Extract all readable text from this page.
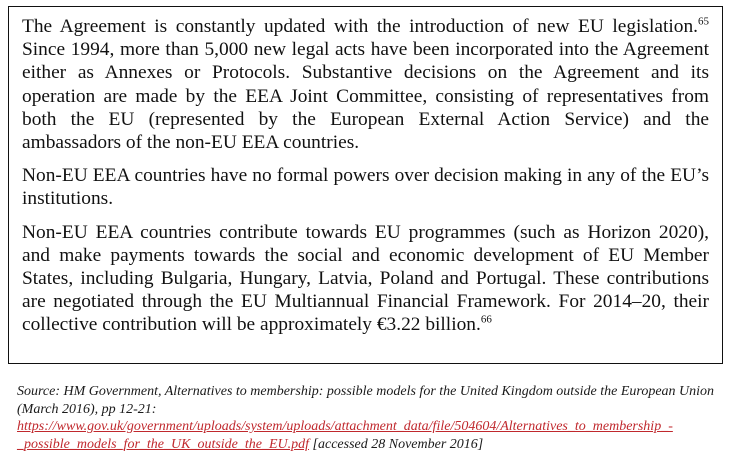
The Agreement is constantly updated with the introduction of new EU legislation.$^{65}$ Since 1994, more than 5,000 new legal acts have been incorporated into the Agreement either as Annexes or Protocols. Substantive decisions on the Agreement and its operation are made by the EEA Joint Committee, consisting of representatives from both the EU (represented by the European External Action Service) and the ambassadors of the non-EU EEA countries.

Non-EU EEA countries have no formal powers over decision making in any of the EU’s institutions.

Non-EU EEA countries contribute towards EU programmes (such as Horizon 2020), and make payments towards the social and economic development of EU Member States, including Bulgaria, Hungary, Latvia, Poland and Portugal. These contributions are negotiated through the EU Multiannual Financial Framework. For 2014–20, their collective contribution will be approximately €3.22 billion.$^{66}$

Source: HM Government, Alternatives to membership: possible models for the United Kingdom outside the European Union (March 2016), pp 12-21: https://www.gov.uk/government/uploads/system/uploads/attachment_data/file/504604/Alternatives_to_membership_-_possible_models_for_the_UK_outside_the_EU.pdf [accessed 28 November 2016]
